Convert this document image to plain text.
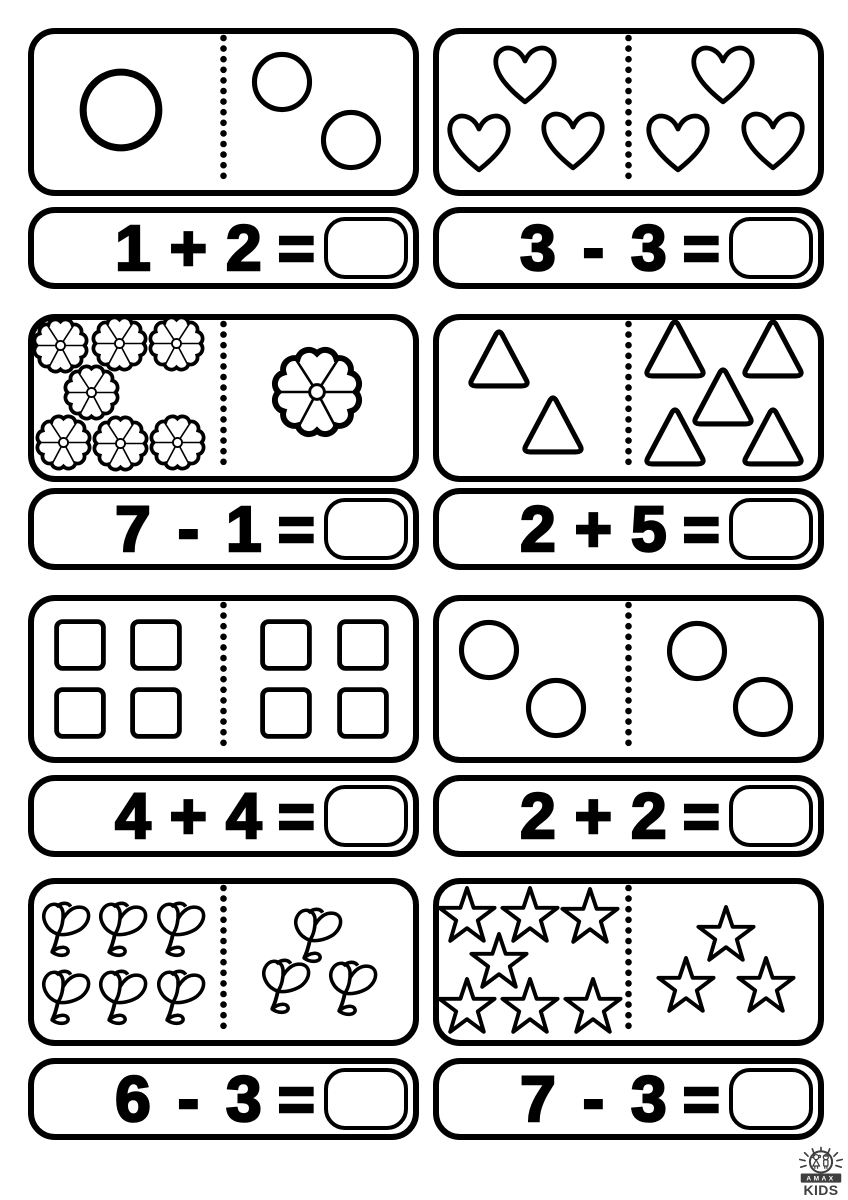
1 + 2 =	3 - 3 =
7 - 1 =	2 + 5 =
4 + 4 =	2 + 2 =
6 - 3 =	7 - 3 =
AMAX
KIDS
